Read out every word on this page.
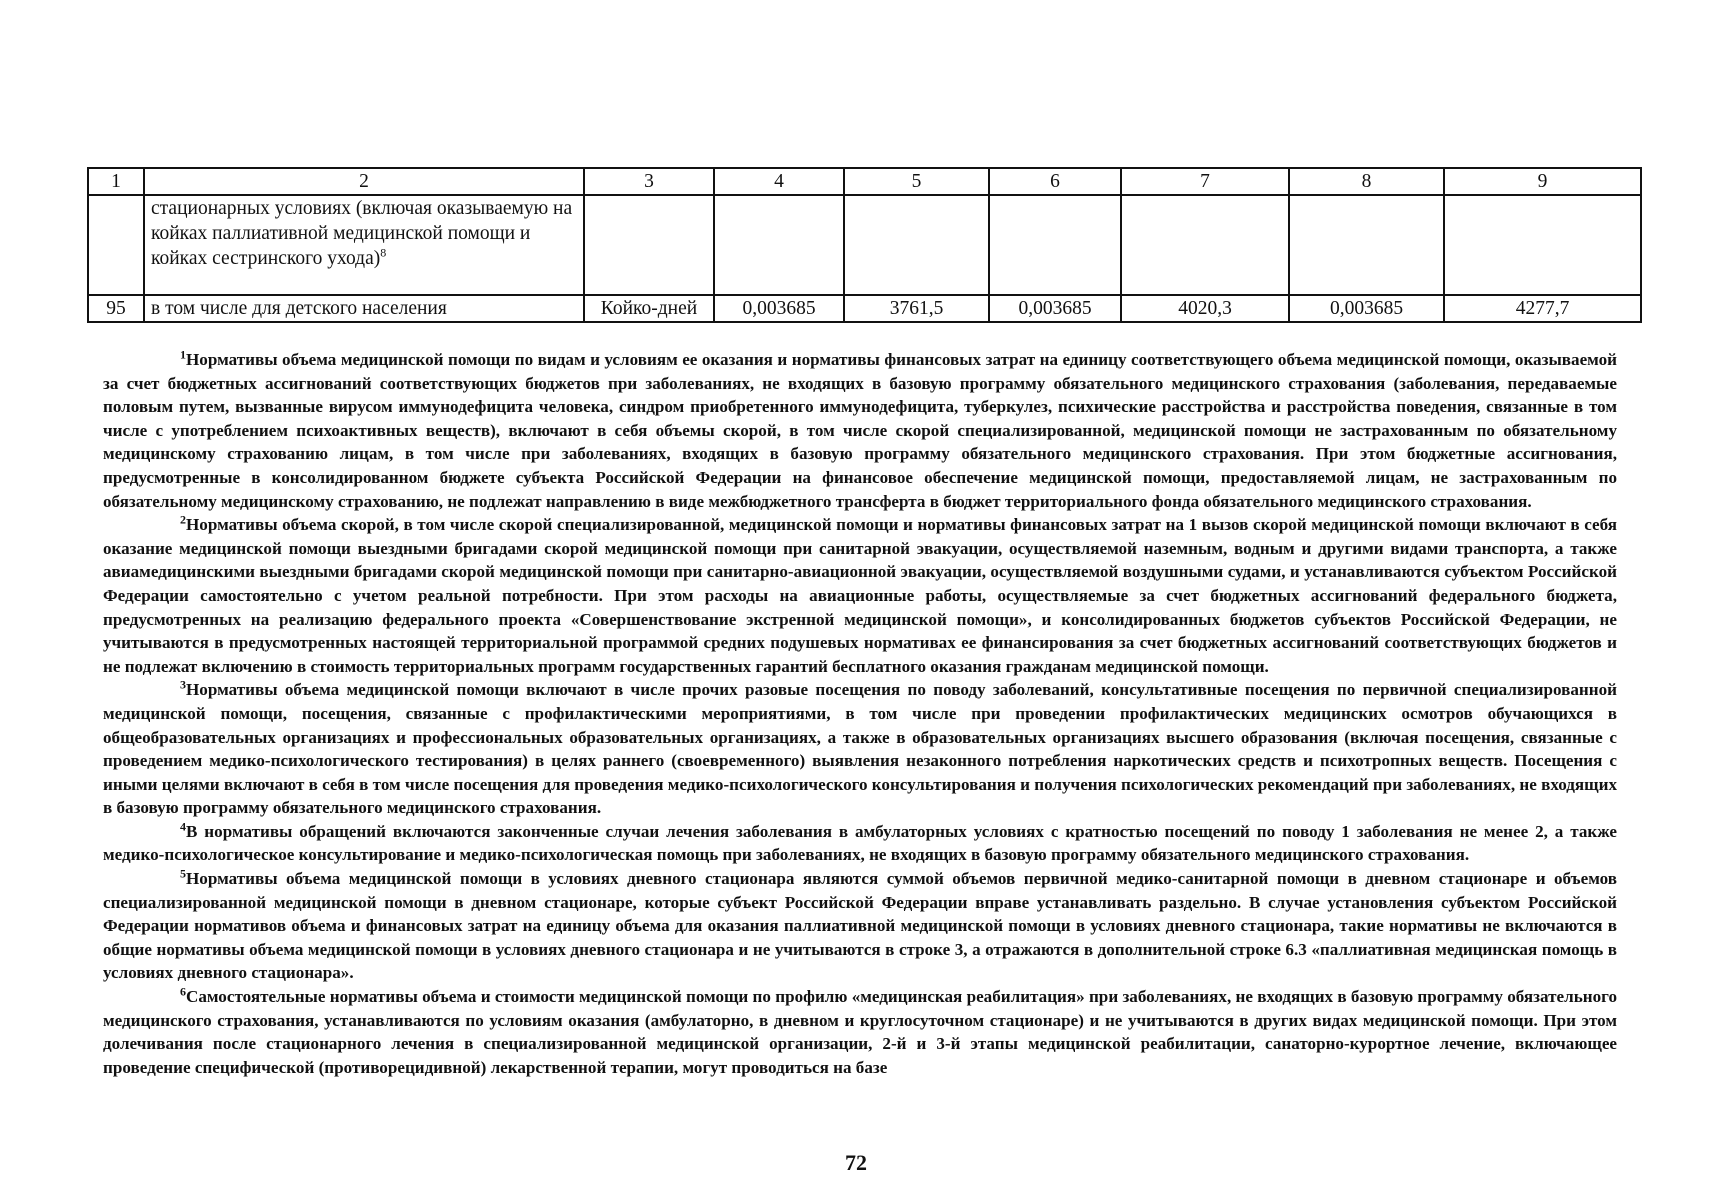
1	2	3	4	5	6	7	8	9
	стационарных условиях (включая оказываемую на койках паллиативной медицинской помощи и койках сестринского ухода)$^8$							
95	в том числе для детского населения	Койко-дней	0,003685	3761,5	0,003685	4020,3	0,003685	4277,7

$^1$Нормативы объема медицинской помощи по видам и условиям ее оказания и нормативы финансовых затрат на единицу соответствующего объема медицинской помощи, оказываемой за счет бюджетных ассигнований соответствующих бюджетов при заболеваниях, не входящих в базовую программу обязательного медицинского страхования (заболевания, передаваемые половым путем, вызванные вирусом иммунодефицита человека, синдром приобретенного иммунодефицита, туберкулез, психические расстройства и расстройства поведения, связанные в том числе с употреблением психоактивных веществ), включают в себя объемы скорой, в том числе скорой специализированной, медицинской помощи не застрахованным по обязательному медицинскому страхованию лицам, в том числе при заболеваниях, входящих в базовую программу обязательного медицинского страхования. При этом бюджетные ассигнования, предусмотренные в консолидированном бюджете субъекта Российской Федерации на финансовое обеспечение медицинской помощи, предоставляемой лицам, не застрахованным по обязательному медицинскому страхованию, не подлежат направлению в виде межбюджетного трансферта в бюджет территориального фонда обязательного медицинского страхования.

$^2$Нормативы объема скорой, в том числе скорой специализированной, медицинской помощи и нормативы финансовых затрат на 1 вызов скорой медицинской помощи включают в себя оказание медицинской помощи выездными бригадами скорой медицинской помощи при санитарной эвакуации, осуществляемой наземным, водным и другими видами транспорта, а также авиамедицинскими выездными бригадами скорой медицинской помощи при санитарно-авиационной эвакуации, осуществляемой воздушными судами, и устанавливаются субъектом Российской Федерации самостоятельно с учетом реальной потребности. При этом расходы на авиационные работы, осуществляемые за счет бюджетных ассигнований федерального бюджета, предусмотренных на реализацию федерального проекта «Совершенствование экстренной медицинской помощи», и консолидированных бюджетов субъектов Российской Федерации, не учитываются в предусмотренных настоящей территориальной программой средних подушевых нормативах ее финансирования за счет бюджетных ассигнований соответствующих бюджетов и не подлежат включению в стоимость территориальных программ государственных гарантий бесплатного оказания гражданам медицинской помощи.

$^3$Нормативы объема медицинской помощи включают в числе прочих разовые посещения по поводу заболеваний, консультативные посещения по первичной специализированной медицинской помощи, посещения, связанные с профилактическими мероприятиями, в том числе при проведении профилактических медицинских осмотров обучающихся в общеобразовательных организациях и профессиональных образовательных организациях, а также в образовательных организациях высшего образования (включая посещения, связанные с проведением медико-психологического тестирования) в целях раннего (своевременного) выявления незаконного потребления наркотических средств и психотропных веществ. Посещения с иными целями включают в себя в том числе посещения для проведения медико-психологического консультирования и получения психологических рекомендаций при заболеваниях, не входящих в базовую программу обязательного медицинского страхования.

$^4$В нормативы обращений включаются законченные случаи лечения заболевания в амбулаторных условиях с кратностью посещений по поводу 1 заболевания не менее 2, а также медико-психологическое консультирование и медико-психологическая помощь при заболеваниях, не входящих в базовую программу обязательного медицинского страхования.

$^5$Нормативы объема медицинской помощи в условиях дневного стационара являются суммой объемов первичной медико-санитарной помощи в дневном стационаре и объемов специализированной медицинской помощи в дневном стационаре, которые субъект Российской Федерации вправе устанавливать раздельно. В случае установления субъектом Российской Федерации нормативов объема и финансовых затрат на единицу объема для оказания паллиативной медицинской помощи в условиях дневного стационара, такие нормативы не включаются в общие нормативы объема медицинской помощи в условиях дневного стационара и не учитываются в строке 3, а отражаются в дополнительной строке 6.3 «паллиативная медицинская помощь в условиях дневного стационара».

$^6$Самостоятельные нормативы объема и стоимости медицинской помощи по профилю «медицинская реабилитация» при заболеваниях, не входящих в базовую программу обязательного медицинского страхования, устанавливаются по условиям оказания (амбулаторно, в дневном и круглосуточном стационаре) и не учитываются в других видах медицинской помощи. При этом долечивания после стационарного лечения в специализированной медицинской организации, 2-й и 3-й этапы медицинской реабилитации, санаторно-курортное лечение, включающее проведение специфической (противорецидивной) лекарственной терапии, могут проводиться на базе

72
